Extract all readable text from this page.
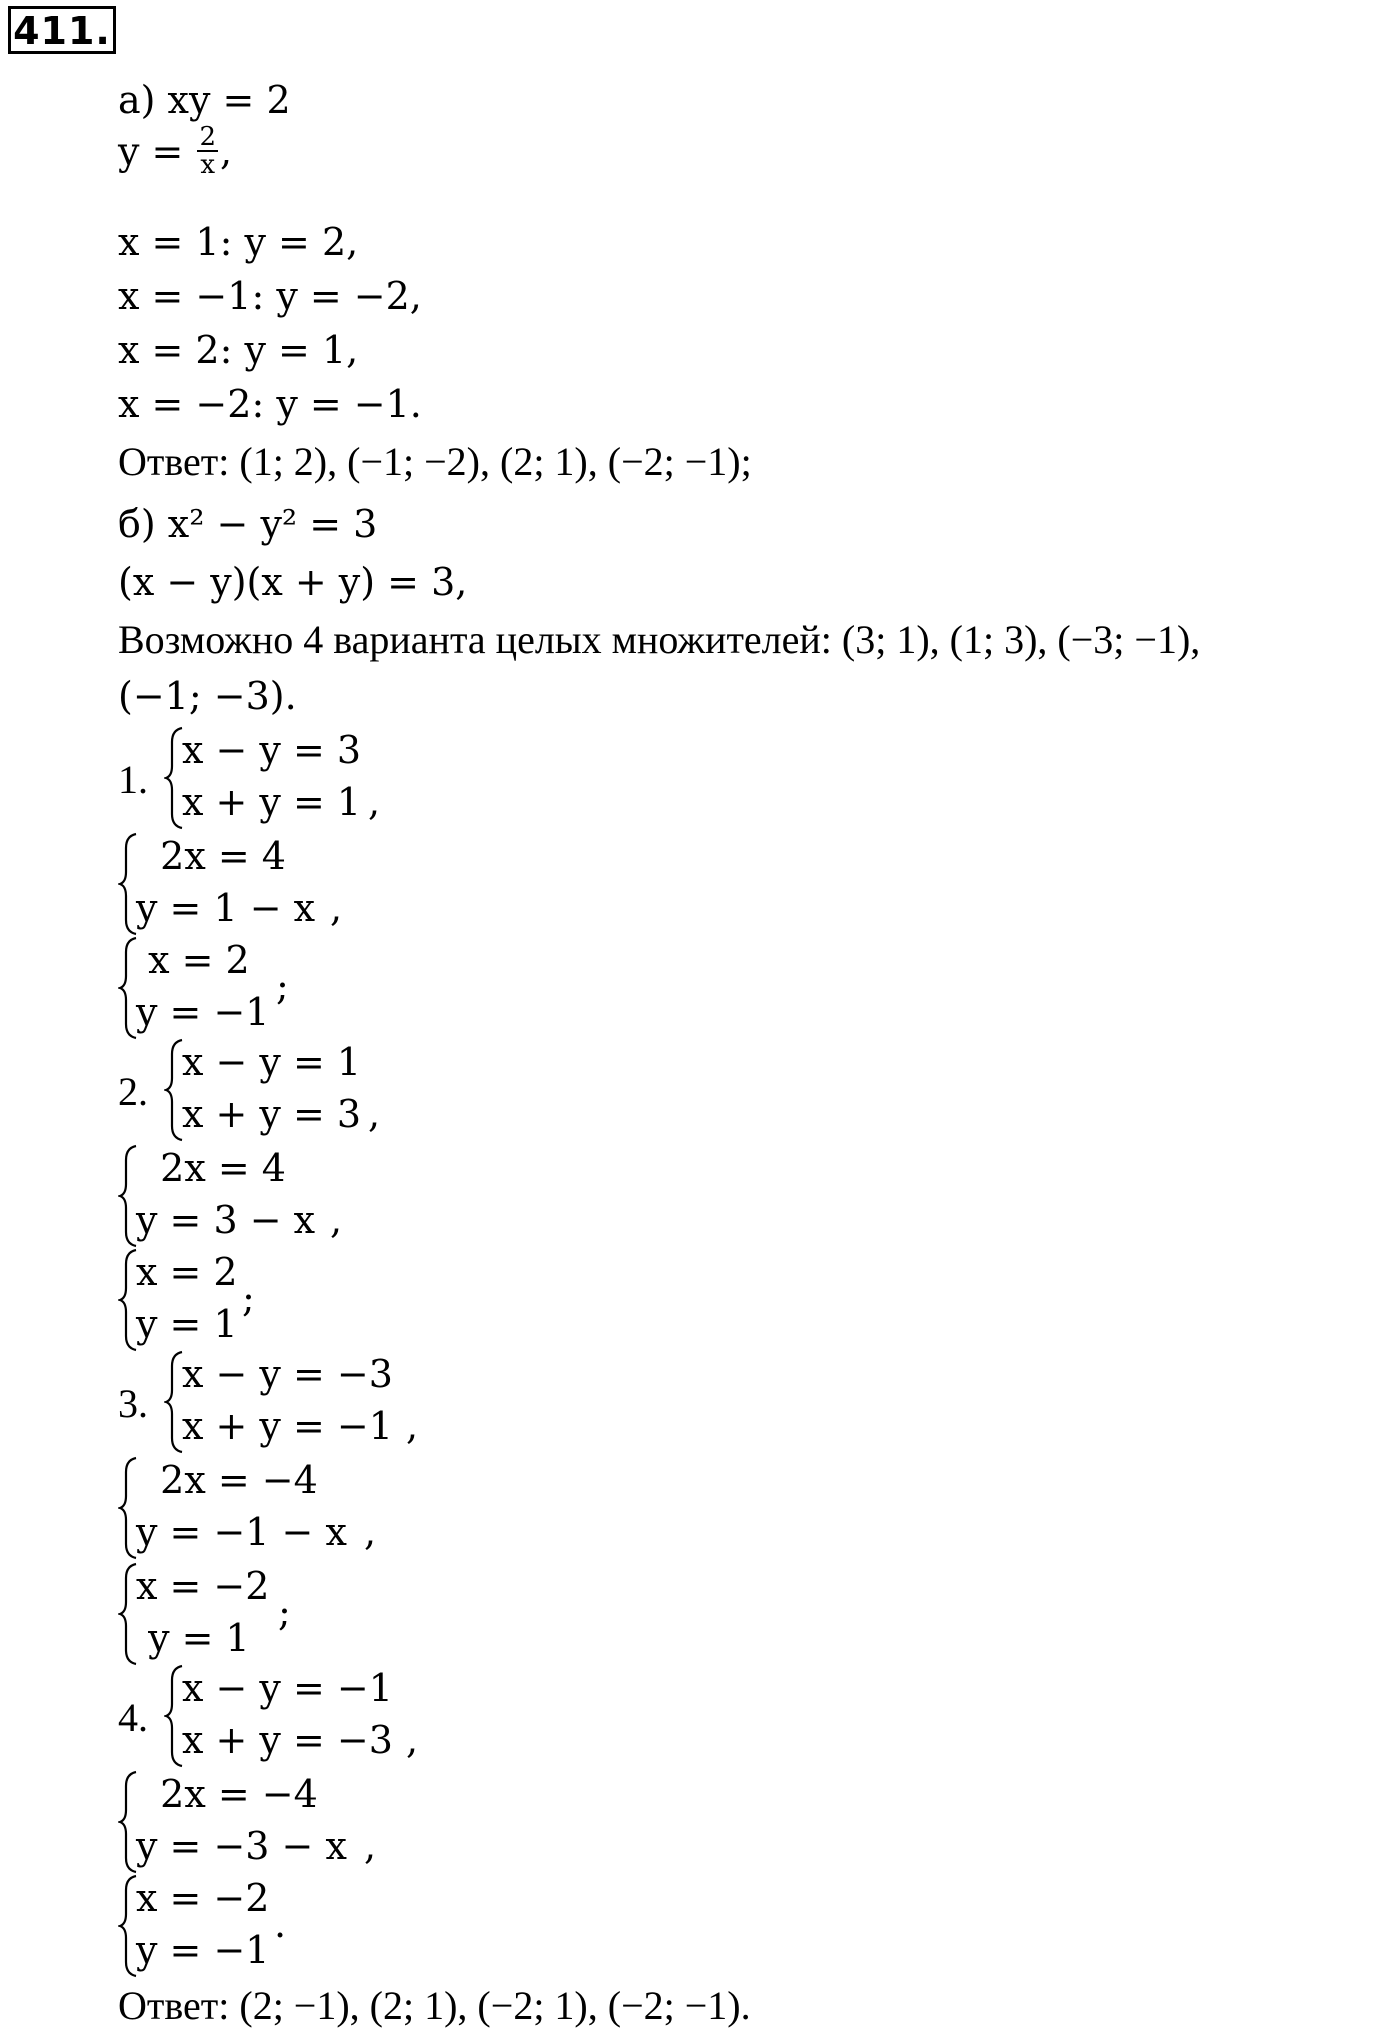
411.
а) xy = 2
$y = \frac{2}{x}$ ,
x = 1: y = 2,
x = −1: y = −2,
x = 2: y = 1,
x = −2: y = −1.
Ответ: (1; 2), (−1; −2), (2; 1), (−2; −1);
б) x² − y² = 3
(x − y)(x + y) = 3,
Возможно 4 варианта целых множителей: (3; 1), (1; 3), (−3; −1),
(−1; −3).
1.
x − y = 3
x + y = 1 ,
2x = 4
y = 1 − x ,
x = 2
y = −1
;
2.
x − y = 1
x + y = 3 ,
2x = 4
y = 3 − x ,
x = 2
y = 1
;
3.
x − y = −3
x + y = −1 ,
2x = −4
y = −1 − x ,
x = −2
y = 1
;
4.
x − y = −1
x + y = −3 ,
2x = −4
y = −3 − x ,
x = −2
y = −1
.
Ответ: (2; −1), (2; 1), (−2; 1), (−2; −1).
